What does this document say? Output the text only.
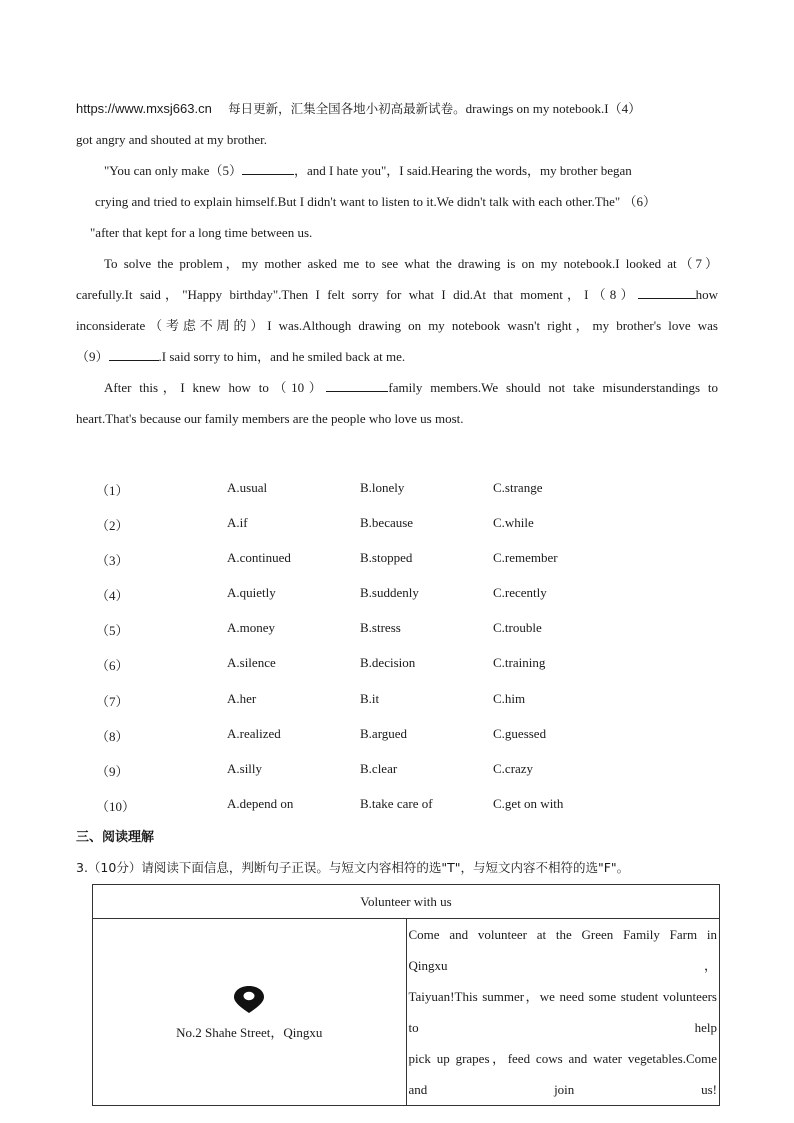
https://www.mxsj663.cn 每日更新，汇集全国各地小初高最新试卷。drawings on my notebook.I（4）
got angry and shouted at my brother.
"You can only make（5）	，and I hate you"，I said.Hearing the words，my brother began
crying and tried to explain himself.But I didn't want to listen to it.We didn't talk with each other.The" （6）
"after that kept for a long time between us.
To solve the problem，my mother asked me to see what the drawing is on my notebook.I looked at（7）
carefully.It said，"Happy birthday".Then I felt sorry for what I did.At that moment，I（8）	how
inconsiderate（考虑不周的）I was.Although drawing on my notebook wasn't right，my brother's love was
（9）	.I said sorry to him，and he smiled back at me.
After this，I knew how to（10）	family members.We should not take misunderstandings to
heart.That's because our family members are the people who love us most.
（1）	A.usual	B.lonely	C.strange
（2）	A.if	B.because	C.while
（3）	A.continued	B.stopped	C.remember
（4）	A.quietly	B.suddenly	C.recently
（5）	A.money	B.stress	C.trouble
（6）	A.silence	B.decision	C.training
（7）	A.her	B.it	C.him
（8）	A.realized	B.argued	C.guessed
（9）	A.silly	B.clear	C.crazy
（10）	A.depend on	B.take care of	C.get on with
三、阅读理解
3.（10分）请阅读下面信息，判断句子正误。与短文内容相符的选"T"，与短文内容不相符的选"F"。
Volunteer with us

No.2 Shahe Street，Qingxu	
Come and volunteer at the Green Family Farm in Qingxu，
Taiyuan!This summer，we need some student volunteers to help
pick up grapes，feed cows and water vegetables.Come and join us!
